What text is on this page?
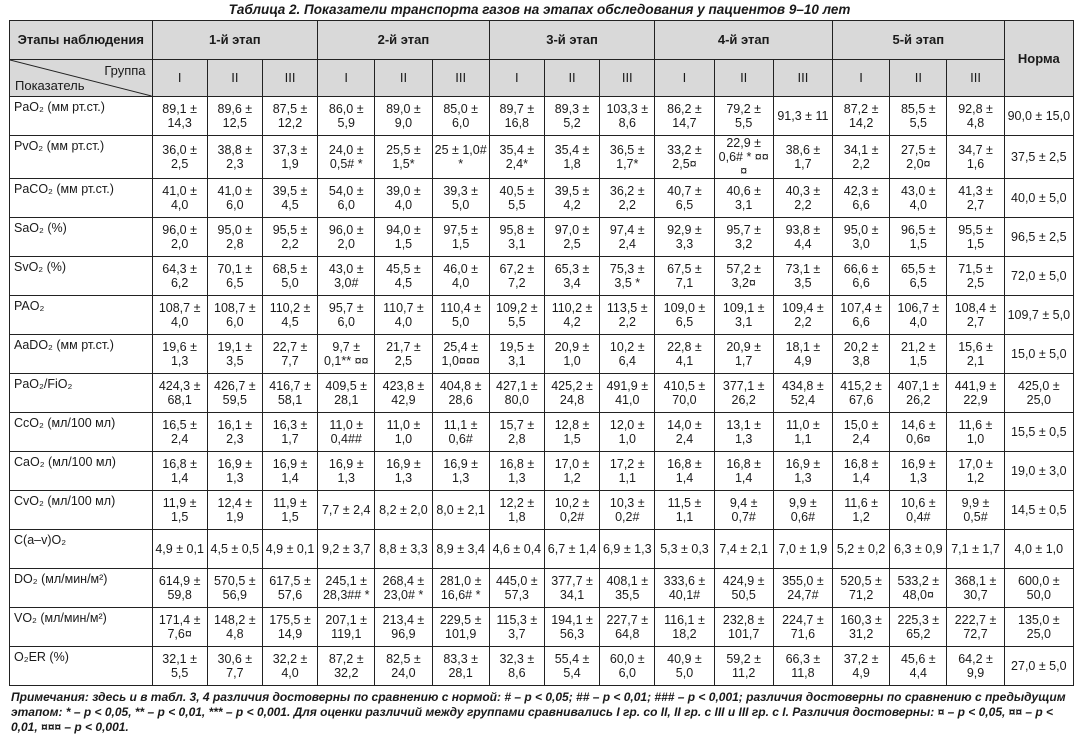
Таблица 2. Показатели транспорта газов на этапах обследования у пациентов 9–10 лет
Этапы наблюдения	1-й этап			2-й этап			3-й этап			4-й этап			5-й этап			Норма

Группа
Показатель	I	II	III	I	II	III	I	II	III	I	II	III	I	II	III	
PaO₂ (мм рт.ст.)	89,1 ± 14,3	89,6 ± 12,5	87,5 ± 12,2	86,0 ± 5,9	89,0 ± 9,0	85,0 ± 6,0	89,7 ± 16,8	89,3 ± 5,2	103,3 ± 8,6	86,2 ± 14,7	79,2 ± 5,5	91,3 ± 11	87,2 ± 14,2	85,5 ± 5,5	92,8 ± 4,8	90,0 ± 15,0
PvO₂ (мм рт.ст.)	36,0 ± 2,5	38,8 ± 2,3	37,3 ± 1,9	24,0 ± 0,5# *	25,5 ± 1,5*	25 ± 1,0# *	35,4 ± 2,4*	35,4 ± 1,8	36,5 ± 1,7*	33,2 ± 2,5¤	22,9 ± 0,6# * ¤¤¤	38,6 ± 1,7	34,1 ± 2,2	27,5 ± 2,0¤	34,7 ± 1,6	37,5 ± 2,5
PaCO₂ (мм рт.ст.)	41,0 ± 4,0	41,0 ± 6,0	39,5 ± 4,5	54,0 ± 6,0	39,0 ± 4,0	39,3 ± 5,0	40,5 ± 5,5	39,5 ± 4,2	36,2 ± 2,2	40,7 ± 6,5	40,6 ± 3,1	40,3 ± 2,2	42,3 ± 6,6	43,0 ± 4,0	41,3 ± 2,7	40,0 ± 5,0
SaO₂ (%)	96,0 ± 2,0	95,0 ± 2,8	95,5 ± 2,2	96,0 ± 2,0	94,0 ± 1,5	97,5 ± 1,5	95,8 ± 3,1	97,0 ± 2,5	97,4 ± 2,4	92,9 ± 3,3	95,7 ± 3,2	93,8 ± 4,4	95,0 ± 3,0	96,5 ± 1,5	95,5 ± 1,5	96,5 ± 2,5
SvO₂ (%)	64,3 ± 6,2	70,1 ± 6,5	68,5 ± 5,0	43,0 ± 3,0#	45,5 ± 4,5	46,0 ± 4,0	67,2 ± 7,2	65,3 ± 3,4	75,3 ± 3,5 *	67,5 ± 7,1	57,2 ± 3,2¤	73,1 ± 3,5	66,6 ± 6,6	65,5 ± 6,5	71,5 ± 2,5	72,0 ± 5,0
PAO₂	108,7 ± 4,0	108,7 ± 6,0	110,2 ± 4,5	95,7 ± 6,0	110,7 ± 4,0	110,4 ± 5,0	109,2 ± 5,5	110,2 ± 4,2	113,5 ± 2,2	109,0 ± 6,5	109,1 ± 3,1	109,4 ± 2,2	107,4 ± 6,6	106,7 ± 4,0	108,4 ± 2,7	109,7 ± 5,0
AaDO₂ (мм рт.ст.)	19,6 ± 1,3	19,1 ± 3,5	22,7 ± 7,7	9,7 ± 0,1** ¤¤	21,7 ± 2,5	25,4 ± 1,0¤¤¤	19,5 ± 3,1	20,9 ± 1,0	10,2 ± 6,4	22,8 ± 4,1	20,9 ± 1,7	18,1 ± 4,9	20,2 ± 3,8	21,2 ± 1,5	15,6 ± 2,1	15,0 ± 5,0
PaO₂/FiO₂	424,3 ± 68,1	426,7 ± 59,5	416,7 ± 58,1	409,5 ± 28,1	423,8 ± 42,9	404,8 ± 28,6	427,1 ± 80,0	425,2 ± 24,8	491,9 ± 41,0	410,5 ± 70,0	377,1 ± 26,2	434,8 ± 52,4	415,2 ± 67,6	407,1 ± 26,2	441,9 ± 22,9	425,0 ± 25,0
CcO₂ (мл/100 мл)	16,5 ± 2,4	16,1 ± 2,3	16,3 ± 1,7	11,0 ± 0,4##	11,0 ± 1,0	11,1 ± 0,6#	15,7 ± 2,8	12,8 ± 1,5	12,0 ± 1,0	14,0 ± 2,4	13,1 ± 1,3	11,0 ± 1,1	15,0 ± 2,4	14,6 ± 0,6¤	11,6 ± 1,0	15,5 ± 0,5
CaO₂ (мл/100 мл)	16,8 ± 1,4	16,9 ± 1,3	16,9 ± 1,4	16,9 ± 1,3	16,9 ± 1,3	16,9 ± 1,3	16,8 ± 1,3	17,0 ± 1,2	17,2 ± 1,1	16,8 ± 1,4	16,8 ± 1,4	16,9 ± 1,3	16,8 ± 1,4	16,9 ± 1,3	17,0 ± 1,2	19,0 ± 3,0
CvO₂ (мл/100 мл)	11,9 ± 1,5	12,4 ± 1,9	11,9 ± 1,5	7,7 ± 2,4	8,2 ± 2,0	8,0 ± 2,1	12,2 ± 1,8	10,2 ± 0,2#	10,3 ± 0,2#	11,5 ± 1,1	9,4 ± 0,7#	9,9 ± 0,6#	11,6 ± 1,2	10,6 ± 0,4#	9,9 ± 0,5#	14,5 ± 0,5
C(a–v)O₂	4,9 ± 0,1	4,5 ± 0,5	4,9 ± 0,1	9,2 ± 3,7	8,8 ± 3,3	8,9 ± 3,4	4,6 ± 0,4	6,7 ± 1,4	6,9 ± 1,3	5,3 ± 0,3	7,4 ± 2,1	7,0 ± 1,9	5,2 ± 0,2	6,3 ± 0,9	7,1 ± 1,7	4,0 ± 1,0
DO₂ (мл/мин/м²)	614,9 ± 59,8	570,5 ± 56,9	617,5 ± 57,6	245,1 ± 28,3## *	268,4 ± 23,0# *	281,0 ± 16,6# *	445,0 ± 57,3	377,7 ± 34,1	408,1 ± 35,5	333,6 ± 40,1#	424,9 ± 50,5	355,0 ± 24,7#	520,5 ± 71,2	533,2 ± 48,0¤	368,1 ± 30,7	600,0 ± 50,0
VO₂ (мл/мин/м²)	171,4 ± 7,6¤	148,2 ± 4,8	175,5 ± 14,9	207,1 ± 119,1	213,4 ± 96,9	229,5 ± 101,9	115,3 ± 3,7	194,1 ± 56,3	227,7 ± 64,8	116,1 ± 18,2	232,8 ± 101,7	224,7 ± 71,6	160,3 ± 31,2	225,3 ± 65,2	222,7 ± 72,7	135,0 ± 25,0
O₂ER (%)	32,1 ± 5,5	30,6 ± 7,7	32,2 ± 4,0	87,2 ± 32,2	82,5 ± 24,0	83,3 ± 28,1	32,3 ± 8,6	55,4 ± 5,4	60,0 ± 6,0	40,9 ± 5,0	59,2 ± 11,2	66,3 ± 11,8	37,2 ± 4,9	45,6 ± 4,4	64,2 ± 9,9	27,0 ± 5,0
Примечания: здесь и в табл. 3, 4 различия достоверны по сравнению с нормой: # – p < 0,05; ## – p < 0,01; ### – p < 0,001; различия достоверны по сравнению с предыдущим этапом: * – p < 0,05, ** – p < 0,01, *** – p < 0,001. Для оценки различий между группами сравнивались I гр. со II, II гр. с III и III гр. с I. Различия достоверны: ¤ – p < 0,05, ¤¤ – p < 0,01, ¤¤¤ – p < 0,001.
